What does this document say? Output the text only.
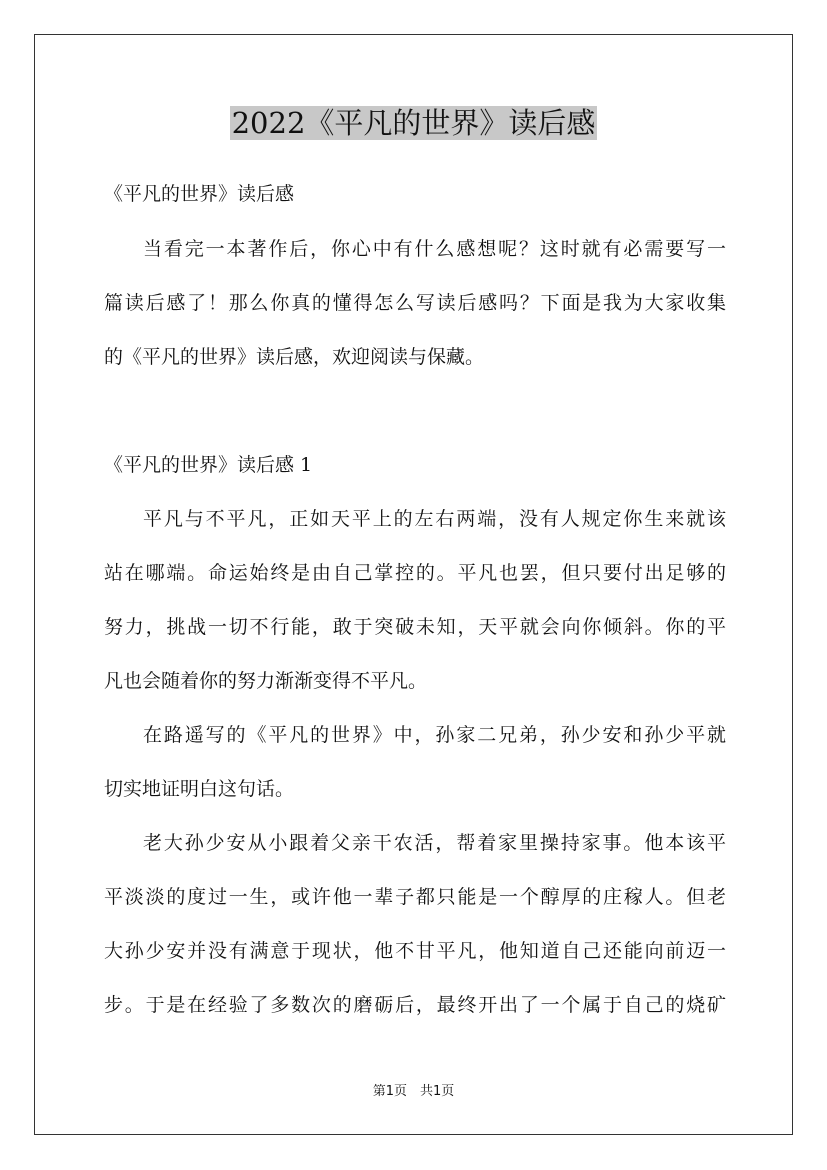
2022《平凡的世界》读后感

《平凡的世界》读后感

当看完一本著作后，你心中有什么感想呢？这时就有必需要写一

篇读后感了！那么你真的懂得怎么写读后感吗？下面是我为大家收集

的《平凡的世界》读后感，欢迎阅读与保藏。

《平凡的世界》读后感 1

平凡与不平凡，正如天平上的左右两端，没有人规定你生来就该

站在哪端。命运始终是由自己掌控的。平凡也罢，但只要付出足够的

努力，挑战一切不行能，敢于突破未知，天平就会向你倾斜。你的平

凡也会随着你的努力渐渐变得不平凡。

在路遥写的《平凡的世界》中，孙家二兄弟，孙少安和孙少平就

切实地证明白这句话。

老大孙少安从小跟着父亲干农活，帮着家里操持家事。他本该平

平淡淡的度过一生，或许他一辈子都只能是一个醇厚的庄稼人。但老

大孙少安并没有满意于现状，他不甘平凡，他知道自己还能向前迈一

步。于是在经验了多数次的磨砺后，最终开出了一个属于自己的烧矿

第1页　共1页
